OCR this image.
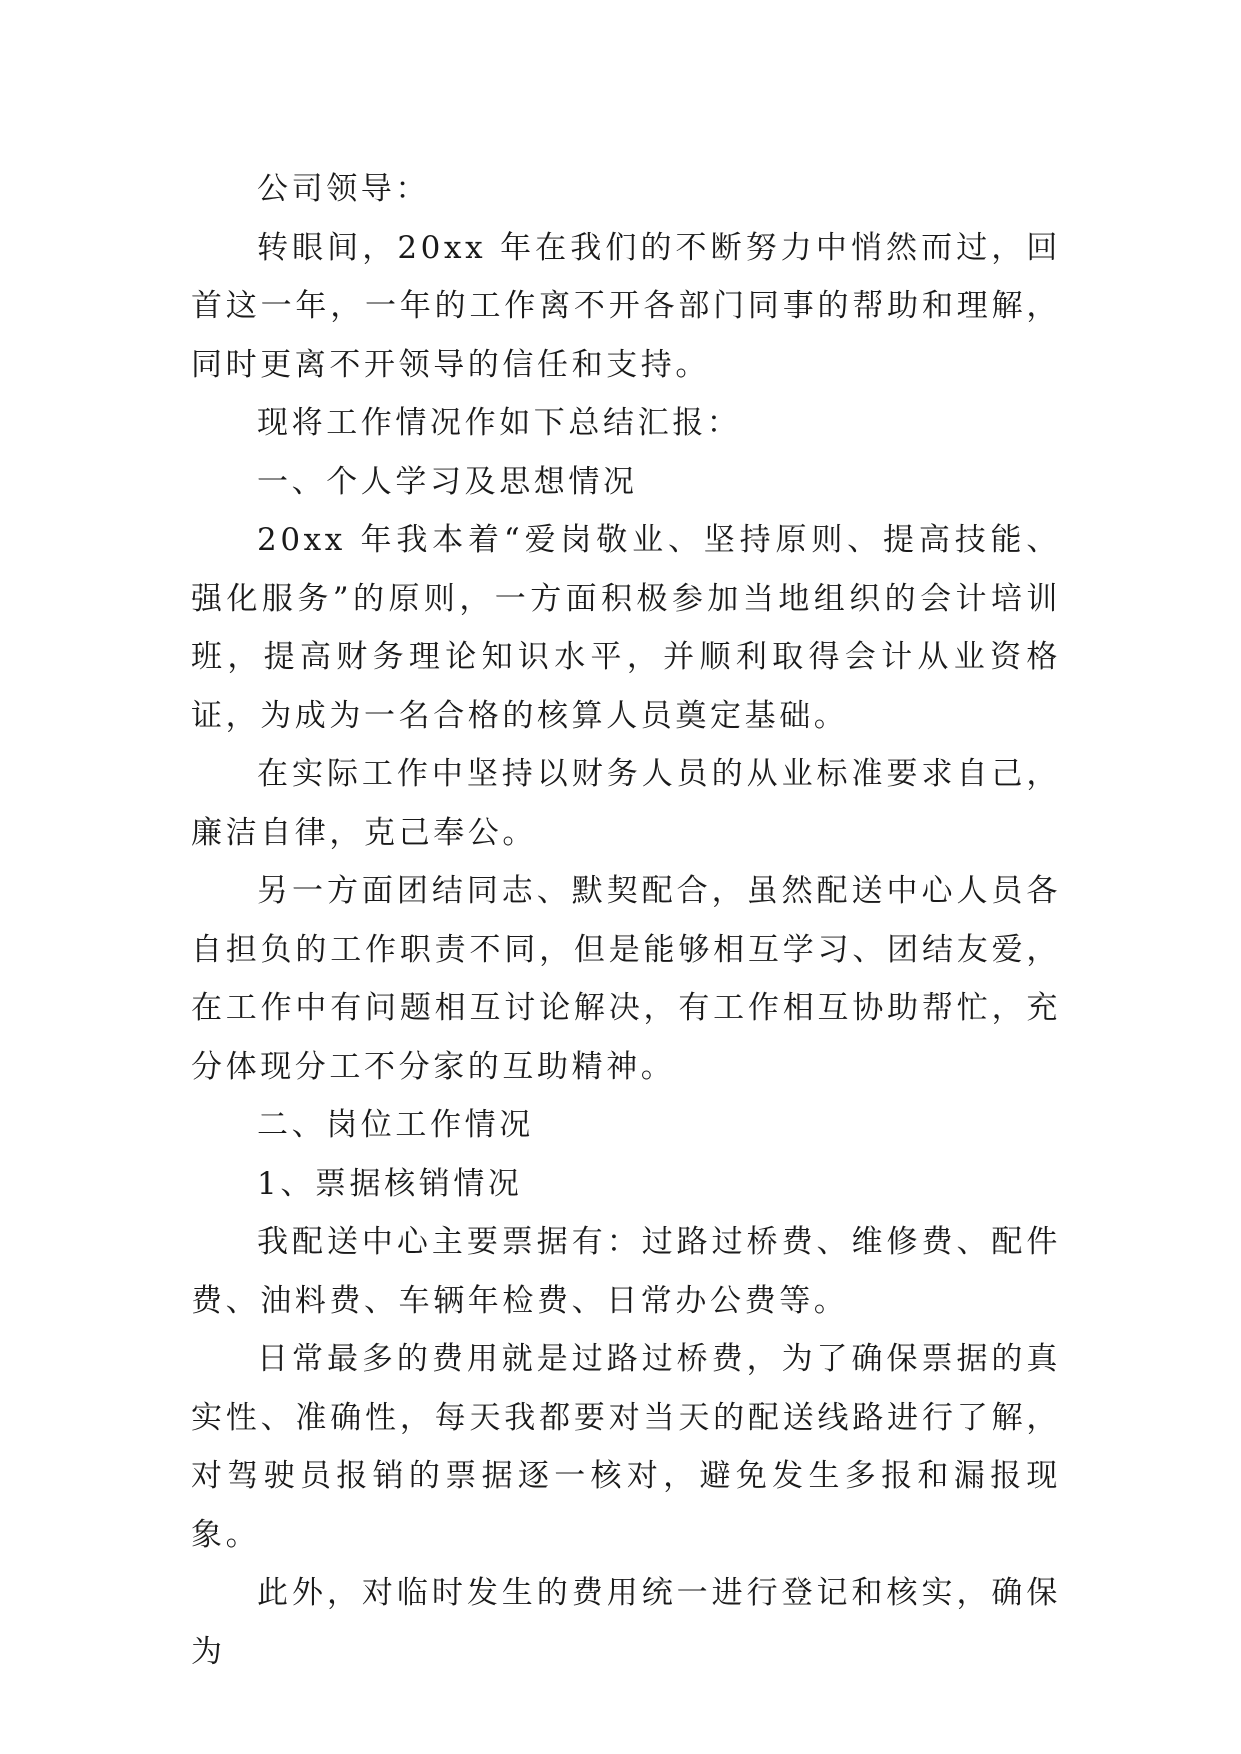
公司领导：

转眼间，20xx 年在我们的不断努力中悄然而过，回首这一年，一年的工作离不开各部门同事的帮助和理解，同时更离不开领导的信任和支持。

现将工作情况作如下总结汇报：

一、个人学习及思想情况

20xx 年我本着“爱岗敬业、坚持原则、提高技能、强化服务”的原则，一方面积极参加当地组织的会计培训班，提高财务理论知识水平，并顺利取得会计从业资格证，为成为一名合格的核算人员奠定基础。

在实际工作中坚持以财务人员的从业标准要求自己，廉洁自律，克己奉公。

另一方面团结同志、默契配合，虽然配送中心人员各自担负的工作职责不同，但是能够相互学习、团结友爱，在工作中有问题相互讨论解决，有工作相互协助帮忙，充分体现分工不分家的互助精神。

二、岗位工作情况

1、票据核销情况

我配送中心主要票据有：过路过桥费、维修费、配件费、油料费、车辆年检费、日常办公费等。

日常最多的费用就是过路过桥费，为了确保票据的真实性、准确性，每天我都要对当天的配送线路进行了解，对驾驶员报销的票据逐一核对，避免发生多报和漏报现象。

此外，对临时发生的费用统一进行登记和核实，确保为
